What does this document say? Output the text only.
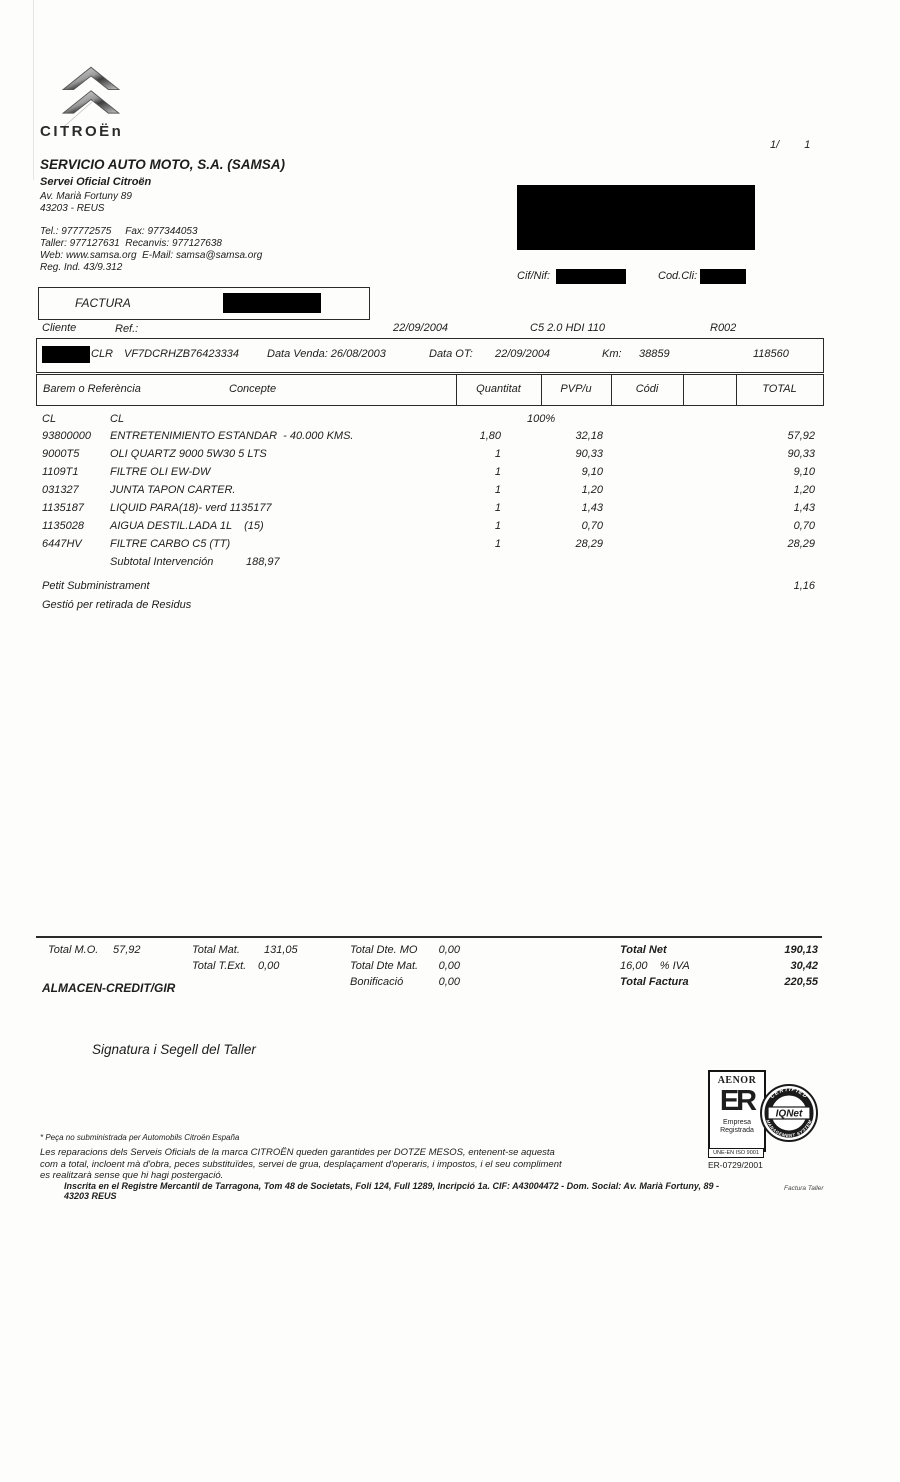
CITROËn
1/ 1
SERVICIO AUTO MOTO, S.A. (SAMSA)
Servei Oficial Citroën
Av. Marià Fortuny 89
43203 - REUS
Tel.: 977772575     Fax: 977344053
Taller: 977127631  Recanvis: 977127638
Web: www.samsa.org  E-Mail: samsa@samsa.org
Reg. Ind. 43/9.312
Cif/Nif:	Cod.Cli:
FACTURA
Cliente	Ref.:	22/09/2004	C5 2.0 HDI 110	R002
CLR VF7DCRHZB76423334	Data Venda: 26/08/2003	Data OT: 22/09/2004	Km: 38859	118560
Barem o Referència	Concepte	Quantitat	PVP/u	Códi	TOTAL
CL	CL	100%
93800000 ENTRETENIMIENTO ESTANDAR  - 40.000 KMS.	1,80	32,18	57,92
9000T5	OLI QUARTZ 9000 5W30 5 LTS	1	90,33	90,33
1109T1	FILTRE OLI EW-DW	1	9,10	9,10
031327	JUNTA TAPON CARTER.	1	1,20	1,20
1135187 LIQUID PARA(18)- verd 1135177	1	1,43	1,43
1135028 AIGUA DESTIL.LADA 1L    (15)	1	0,70	0,70
6447HV	FILTRE CARBO C5 (TT)	1	28,29	28,29
Subtotal Intervención	188,97
Petit Subministrament	1,16
Gestió per retirada de Residus
Total M.O. 57,92	Total Mat. 131,05
Total T.Ext. 0,00
Total Dte. MO	0,00
Total Dte Mat.	0,00
Bonificació	0,00
Total Net	190,13
16,00    % IVA	30,42
Total Factura	220,55
ALMACEN-CREDIT/GIR
Signatura i Segell del Taller
AENOR
ER
Empresa
Registrada
UNE-EN ISO 9001
ER-0729/2001
CERTIFIED
MANAGEMENT SYSTEM
IQNet
* Peça no subministrada per Automobils Citroën España
Les reparacions dels Serveis Oficials de la marca CITROËN queden garantides per DOTZE MESOS, entenent-se aquesta
com a total, incloent mà d'obra, peces substituïdes, servei de grua, desplaçament d'operaris, i impostos, i el seu compliment
es realitzarà sense que hi hagi postergació.
Inscrita en el Registre Mercantil de Tarragona, Tom 48 de Societats, Foli 124, Full 1289, Incripció 1a. CIF: A43004472 - Dom. Social: Av. Marià Fortuny, 89 - 43203 REUS
Factura Taller
